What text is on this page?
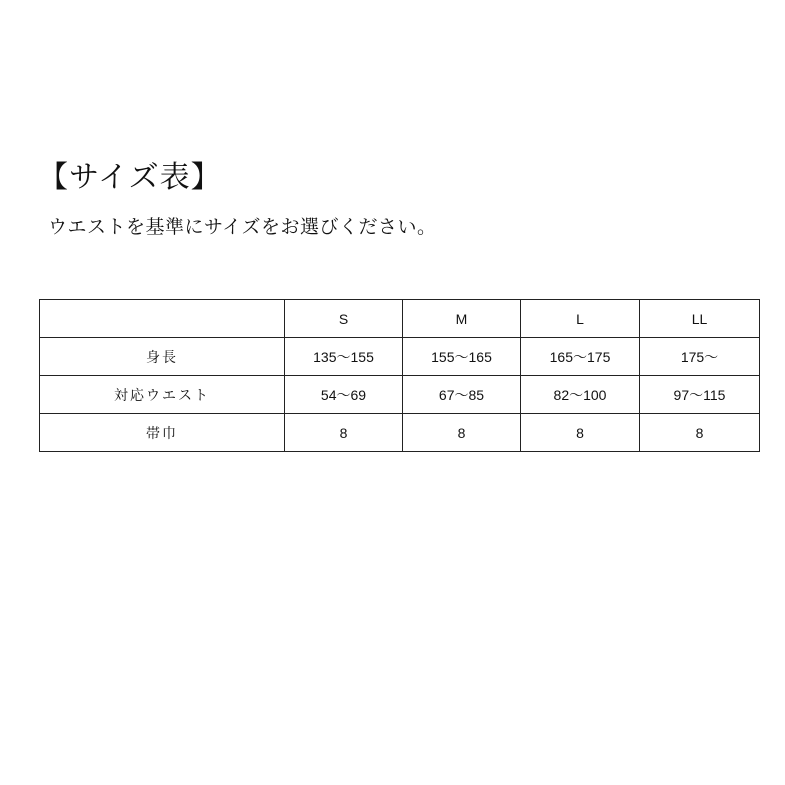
【サイズ表】
ウエストを基準にサイズをお選びください。
	S	M	L	LL
身長	135〜155	155〜165	165〜175	175〜
対応ウエスト	54〜69	67〜85	82〜100	97〜115
帯巾	8	8	8	8
